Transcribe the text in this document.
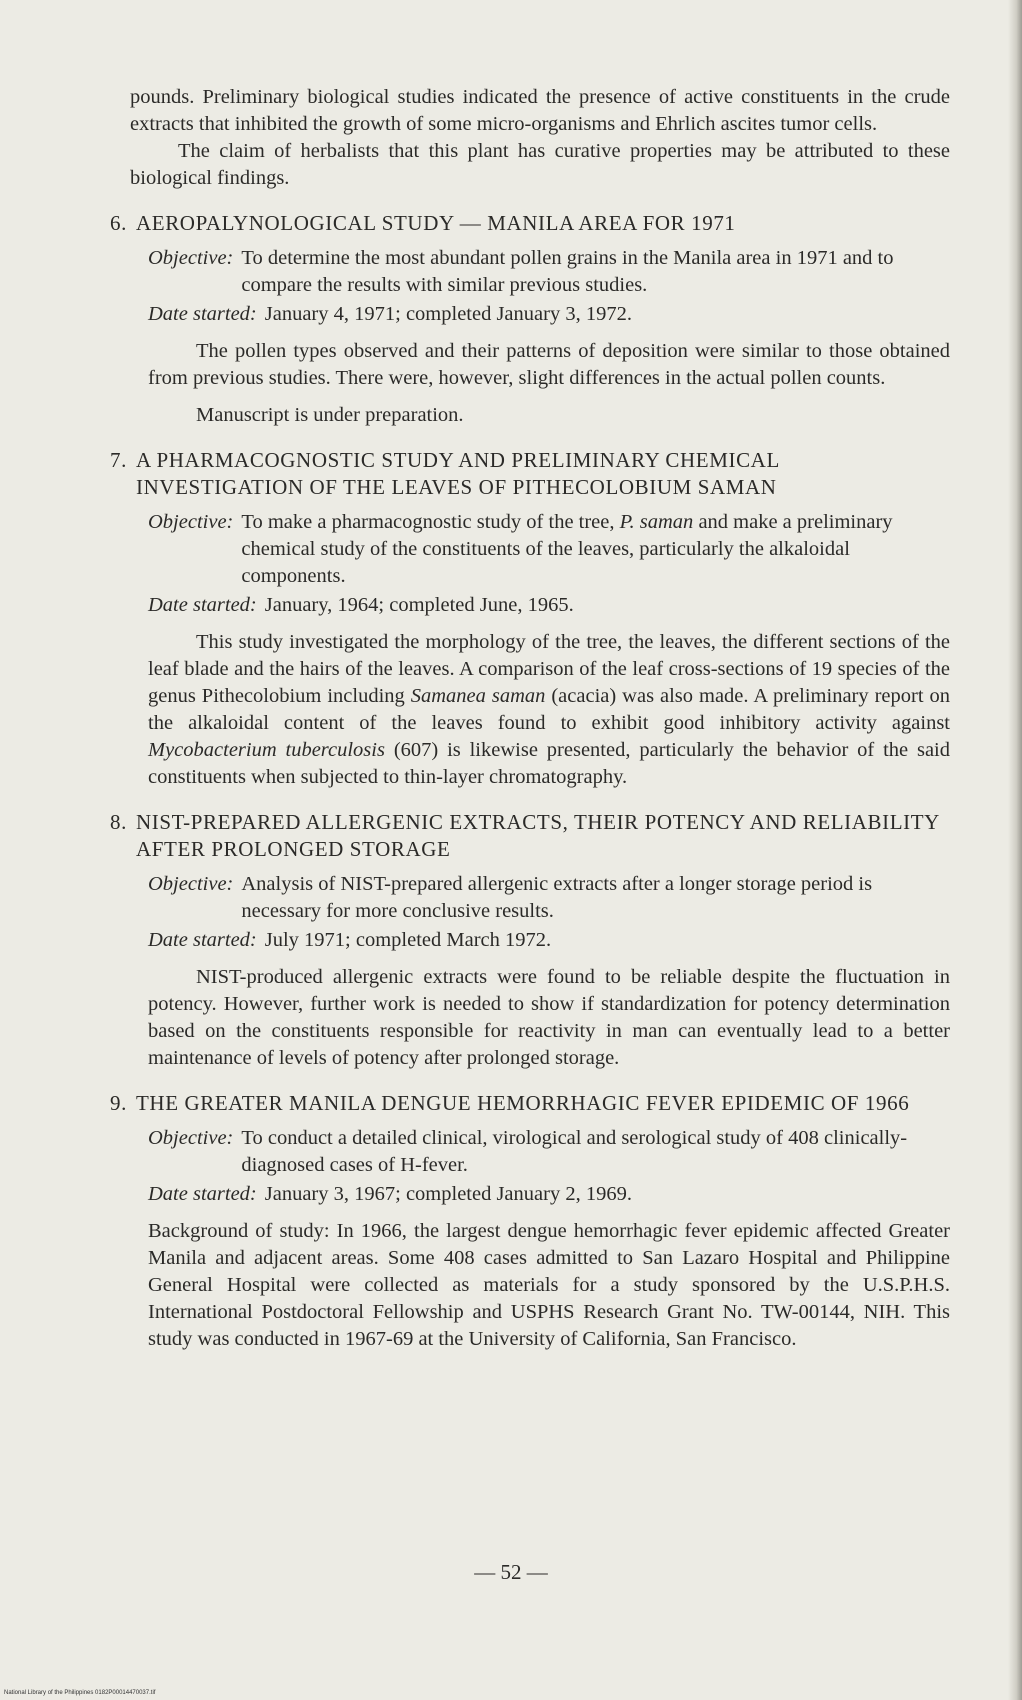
pounds. Preliminary biological studies indicated the presence of active constituents in the crude extracts that inhibited the growth of some micro-organisms and Ehrlich ascites tumor cells.

The claim of herbalists that this plant has curative properties may be attributed to these biological findings.

6. AEROPALYNOLOGICAL STUDY — MANILA AREA FOR 1971
Objective: To determine the most abundant pollen grains in the Manila area in 1971 and to compare the results with similar previous studies.
Date started: January 4, 1971; completed January 3, 1972.

The pollen types observed and their patterns of deposition were similar to those obtained from previous studies. There were, however, slight differences in the actual pollen counts.

Manuscript is under preparation.

7. A PHARMACOGNOSTIC STUDY AND PRELIMINARY CHEMICAL INVESTIGATION OF THE LEAVES OF PITHECOLOBIUM SAMAN
Objective: To make a pharmacognostic study of the tree, P. saman and make a preliminary chemical study of the constituents of the leaves, particularly the alkaloidal components.
Date started: January, 1964; completed June, 1965.

This study investigated the morphology of the tree, the leaves, the different sections of the leaf blade and the hairs of the leaves. A comparison of the leaf cross-sections of 19 species of the genus Pithecolobium including Samanea saman (acacia) was also made. A preliminary report on the alkaloidal content of the leaves found to exhibit good inhibitory activity against Mycobacterium tuberculosis (607) is likewise presented, particularly the behavior of the said constituents when subjected to thin-layer chromatography.

8. NIST-PREPARED ALLERGENIC EXTRACTS, THEIR POTENCY AND RELIABILITY AFTER PROLONGED STORAGE
Objective: Analysis of NIST-prepared allergenic extracts after a longer storage period is necessary for more conclusive results.
Date started: July 1971; completed March 1972.

NIST-produced allergenic extracts were found to be reliable despite the fluctuation in potency. However, further work is needed to show if standardization for potency determination based on the constituents responsible for reactivity in man can eventually lead to a better maintenance of levels of potency after prolonged storage.

9. THE GREATER MANILA DENGUE HEMORRHAGIC FEVER EPIDEMIC OF 1966
Objective: To conduct a detailed clinical, virological and serological study of 408 clinically-diagnosed cases of H-fever.
Date started: January 3, 1967; completed January 2, 1969.

Background of study: In 1966, the largest dengue hemorrhagic fever epidemic affected Greater Manila and adjacent areas. Some 408 cases admitted to San Lazaro Hospital and Philippine General Hospital were collected as materials for a study sponsored by the U.S.P.H.S. International Postdoctoral Fellowship and USPHS Research Grant No. TW-00144, NIH. This study was conducted in 1967-69 at the University of California, San Francisco.

— 52 —
National Library of the Philippines 0182P00014470037.tif
